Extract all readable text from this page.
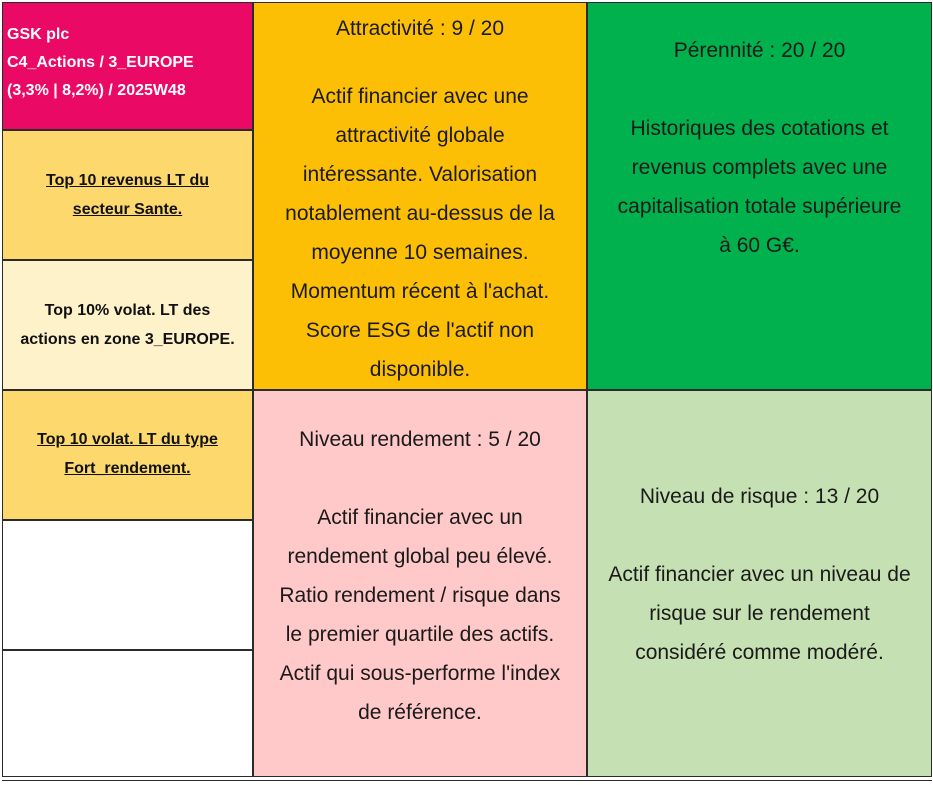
GSK plc
C4_Actions / 3_EUROPE
(3,3% | 8,2%) / 2025W48
Top 10 revenus LT du
secteur Sante.
Top 10% volat. LT des
actions en zone 3_EUROPE.
Top 10 volat. LT du type
Fort_rendement.
Attractivité : 9 / 20
Actif financier avec une
attractivité globale
intéressante. Valorisation
notablement au-dessus de la
moyenne 10 semaines.
Momentum récent à l'achat.
Score ESG de l'actif non
disponible.
Pérennité : 20 / 20
Historiques des cotations et
revenus complets avec une
capitalisation totale supérieure
à 60 G€.
Niveau rendement : 5 / 20
Actif financier avec un
rendement global peu élevé.
Ratio rendement / risque dans
le premier quartile des actifs.
Actif qui sous-performe l'index
de référence.
Niveau de risque : 13 / 20
Actif financier avec un niveau de
risque sur le rendement
considéré comme modéré.
